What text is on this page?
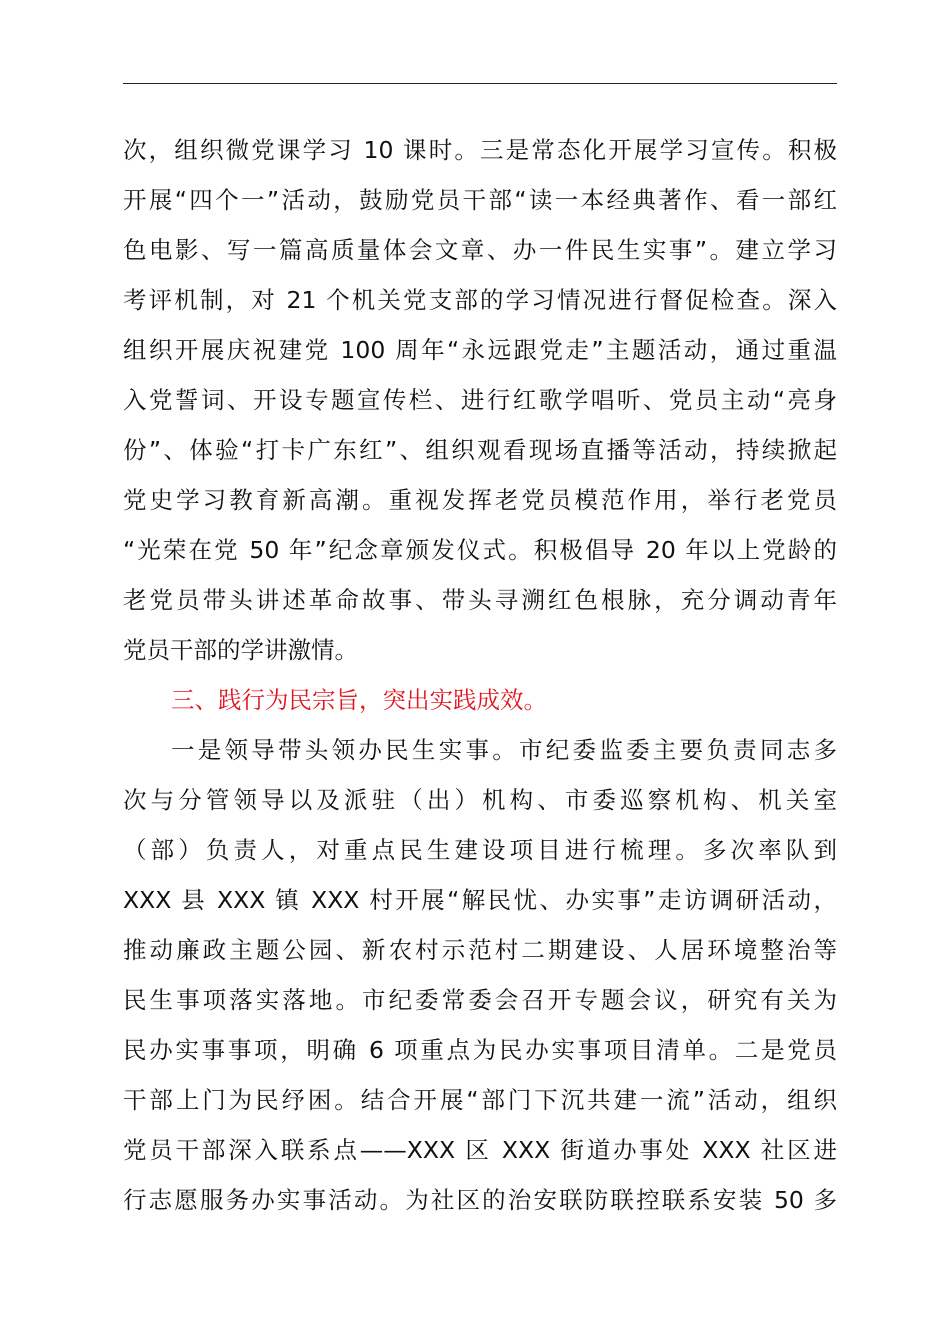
次，组织微党课学习 10 课时。三是常态化开展学习宣传。积极
开展“四个一”活动，鼓励党员干部“读一本经典著作、看一部红
色电影、写一篇高质量体会文章、办一件民生实事”。建立学习
考评机制，对 21 个机关党支部的学习情况进行督促检查。深入
组织开展庆祝建党 100 周年“永远跟党走”主题活动，通过重温
入党誓词、开设专题宣传栏、进行红歌学唱听、党员主动“亮身
份”、体验“打卡广东红”、组织观看现场直播等活动，持续掀起
党史学习教育新高潮。重视发挥老党员模范作用，举行老党员
“光荣在党 50 年”纪念章颁发仪式。积极倡导 20 年以上党龄的
老党员带头讲述革命故事、带头寻溯红色根脉，充分调动青年
党员干部的学讲激情。
三、践行为民宗旨，突出实践成效。
一是领导带头领办民生实事。市纪委监委主要负责同志多
次与分管领导以及派驻（出）机构、市委巡察机构、机关室
（部）负责人，对重点民生建设项目进行梳理。多次率队到
XXX 县 XXX 镇 XXX 村开展“解民忧、办实事”走访调研活动，
推动廉政主题公园、新农村示范村二期建设、人居环境整治等
民生事项落实落地。市纪委常委会召开专题会议，研究有关为
民办实事事项，明确 6 项重点为民办实事项目清单。二是党员
干部上门为民纾困。结合开展“部门下沉共建一流”活动，组织
党员干部深入联系点——XXX 区 XXX 街道办事处 XXX 社区进
行志愿服务办实事活动。为社区的治安联防联控联系安装 50 多
